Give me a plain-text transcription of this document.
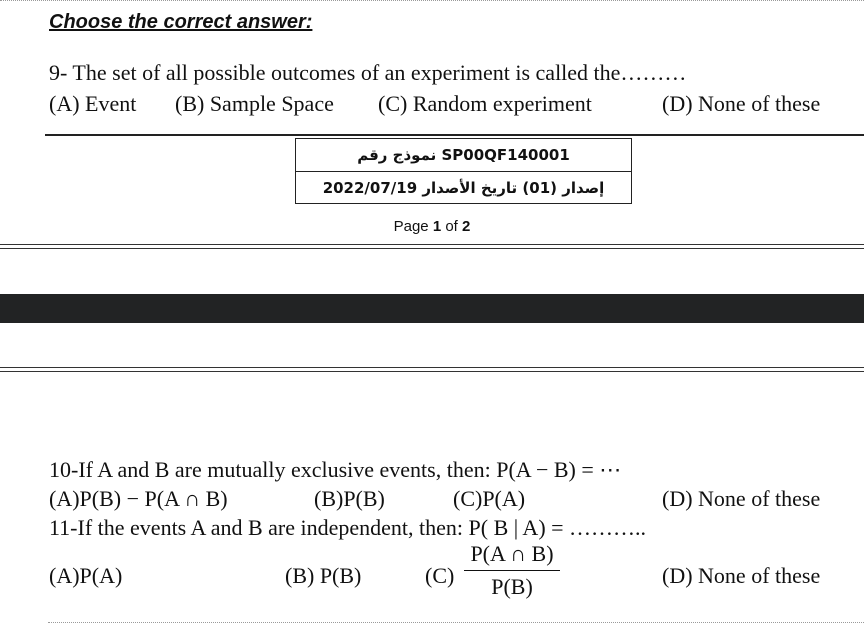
Choose the correct answer:
9- The set of all possible outcomes of an experiment is called the………
(A) Event (B) Sample Space (C) Random experiment	(D) None of these
نموذج رقم SP00QF140001
إصدار (01) تاريخ الأصدار 2022/07/19
Page 1 of 2
10-If A and B are mutually exclusive events, then: P(A − B) = ⋯
(A)P(B) − P(A ∩ B)	(B)P(B)	(C)P(A)	(D) None of these
11-If the events A and B are independent, then: P( B | A) = ………..
(A)P(A)	(B) P(B)	(C)
P(A ∩ B)
P(B)	(D) None of these
